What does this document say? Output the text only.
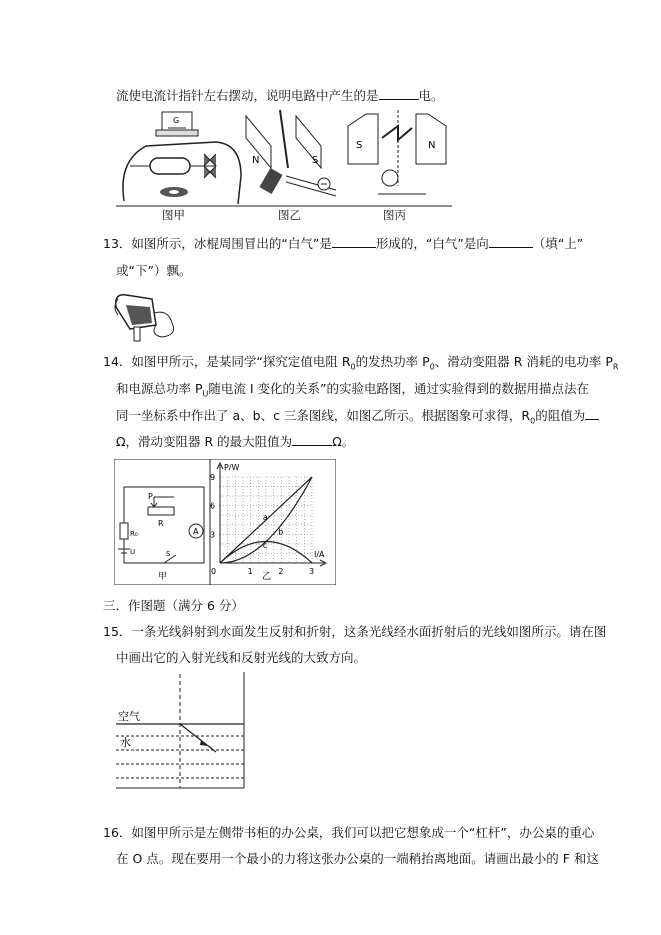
流使电流计指针左右摆动，说明电路中产生的是	电。
G
N	S
S	N
图甲	图乙	图丙
13．如图所示，冰棍周围冒出的“白气”是	形成的，“白气”是向	（填“上”
或“下”）飘。
14．如图甲所示，是某同学“探究定值电阻 $R_0$的发热功率 $P_0$、滑动变阻器 R 消耗的电功率 $P_R$
和电源总功率 $P_U$随电流 I 变化的关系”的实验电路图，通过实验得到的数据用描点法在
同一坐标系中作出了 a、b、c 三条图线，如图乙所示。根据图象可求得，$R_0$的阻值为
Ω，滑动变阻器 R 的最大阻值为	Ω。
P
R
A
R₀
U	S
甲
P/W
I/A
9
6
3
0	1	2	3
a
b
c
乙
三．作图题（满分 6 分）
15．一条光线斜射到水面发生反射和折射，这条光线经水面折射后的光线如图所示。请在图
中画出它的入射光线和反射光线的大致方向。
空气
水
16．如图甲所示是左侧带书柜的办公桌，我们可以把它想象成一个“杠杆”，办公桌的重心
在 O 点。现在要用一个最小的力将这张办公桌的一端稍抬离地面。请画出最小的 F 和这
